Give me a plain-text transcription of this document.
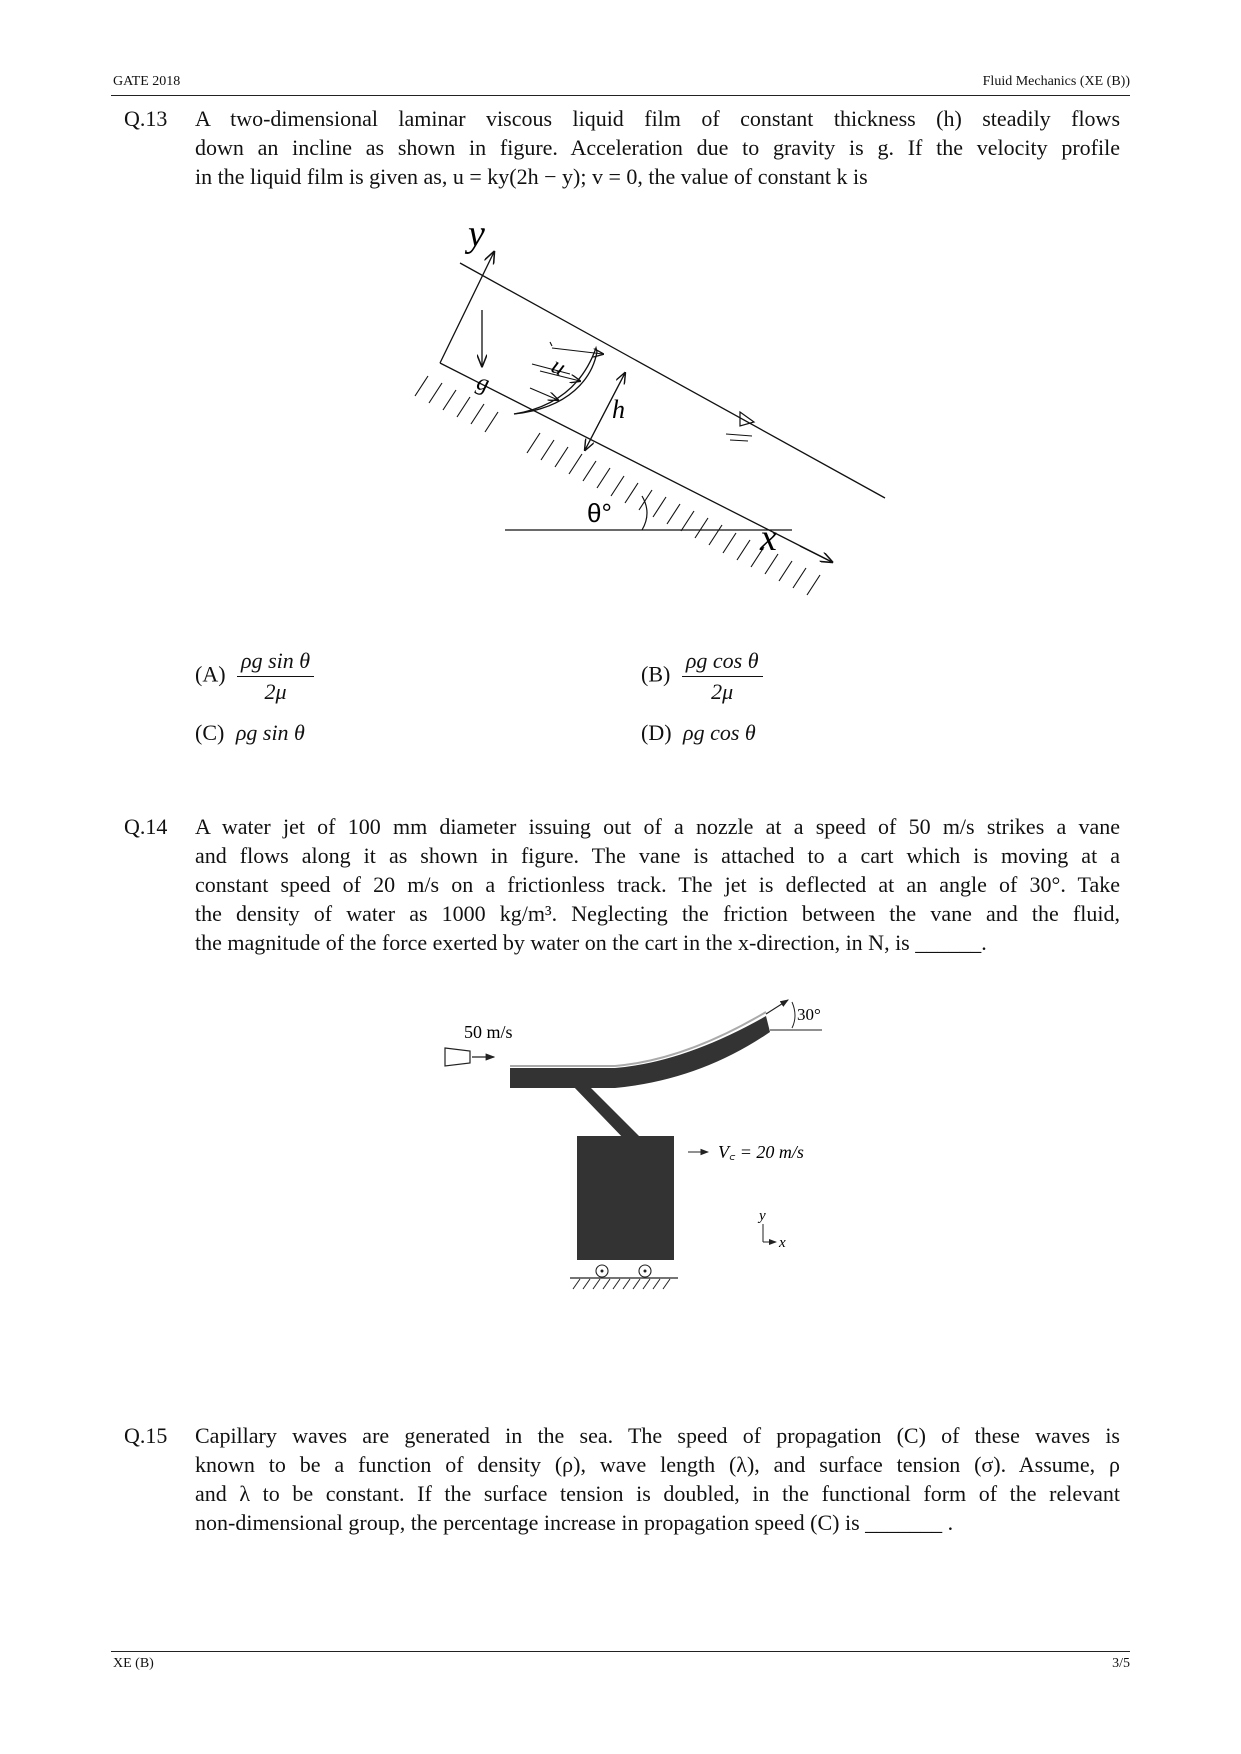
GATE 2018	Fluid Mechanics (XE (B))
Q.13 A two-dimensional laminar viscous liquid film of constant thickness (h) steadily flows
down an incline as shown in figure. Acceleration due to gravity is g. If the velocity profile
in the liquid film is given as, u = ky(2h − y); v = 0, the value of constant k is
y
x
g
u
h
θ°
$(A) \frac{\text{ρg sin θ}}{2\mu}$	$(B) \frac{\text{ρg cos θ}}{2\mu}$
(C) ρg sin θ	(D) ρg cos θ
Q.14 A water jet of 100 mm diameter issuing out of a nozzle at a speed of 50 m/s strikes a vane
and flows along it as shown in figure. The vane is attached to a cart which is moving at a
constant speed of 20 m/s on a frictionless track. The jet is deflected at an angle of 30°. Take
the density of water as 1000 kg/m³. Neglecting the friction between the vane and the fluid,
the magnitude of the force exerted by water on the cart in the x-direction, in N, is ______.
50 m/s
30°
V꜀ = 20 m/s
y
x
Q.15 Capillary waves are generated in the sea. The speed of propagation (C) of these waves is
known to be a function of density (ρ), wave length (λ), and surface tension (σ). Assume, ρ
and λ to be constant. If the surface tension is doubled, in the functional form of the relevant
non-dimensional group, the percentage increase in propagation speed (C) is _______ .
XE (B)	3/5
